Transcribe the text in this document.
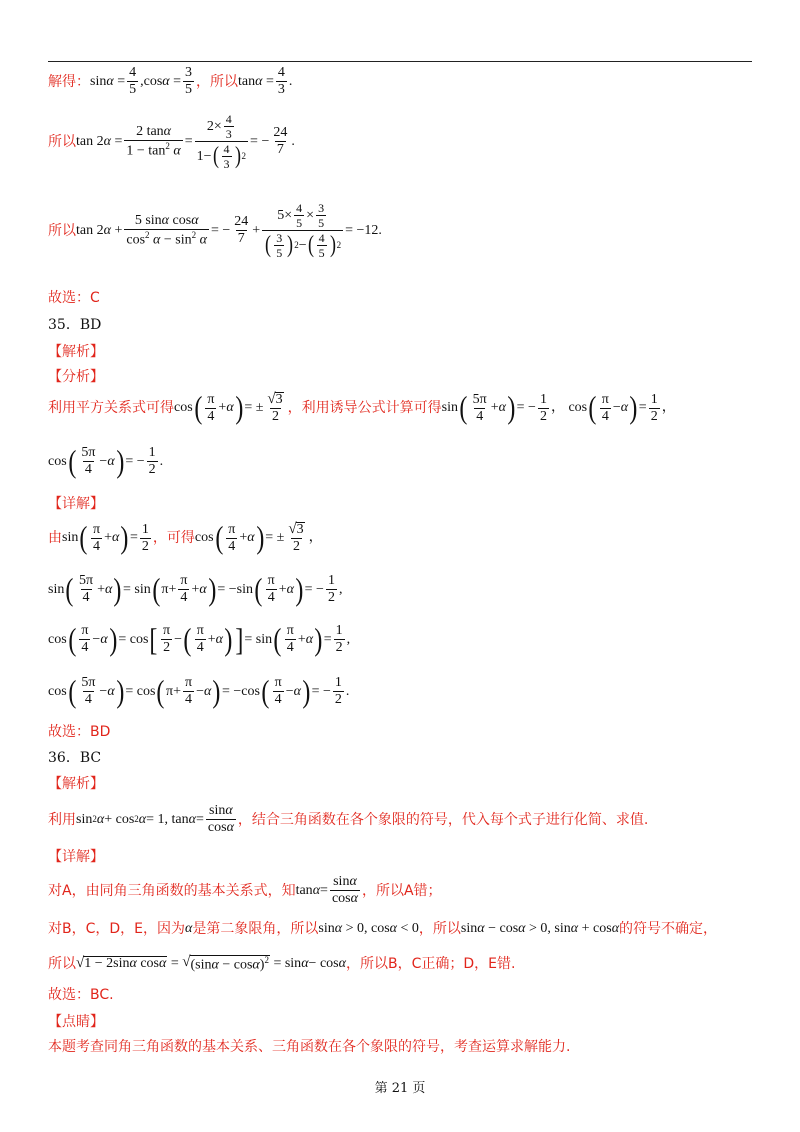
解得： $\sin \alpha = \frac{4}{5} ,\cos$ $\alpha = \frac{3}{5}$ ，所以 $\tan \alpha = \frac{4}{3}$ .
所以 tan 2 $\alpha = \frac{2 \tan\alpha}{1 - \tan^2 \alpha} = \frac{2\times \frac{4}{3}}{1- ( \frac{4}{3} ) 2}$ = − $\frac{24}{7}$ .
所以 tan 2 $\alpha + \frac{\text{5 sinα cosα}}{\cos^2 \alpha - \sin^2 \alpha}$ = − $\frac{24}{7} + \frac{5\times \frac{4}{5} \times \frac{3}{5}}{( \frac{3}{5} ) 2 - ( \frac{4}{5} ) 2} = -12$.
故选：C
35．BD
【解析】
【分析】
利用平方关系式可得 cos ( $\frac{\pi}{4} + \alpha$ ) = ± $\frac{√ 3}{2}$ ，利用诱导公式计算可得 sin ( $\frac{5\pi}{4} + \alpha$ ) = − $\frac{1}{2}$ ， cos ( $\frac{\pi}{4} - \alpha$ ) = $\frac{1}{2}$ ，
cos ( $\frac{5\pi}{4} - \alpha$ ) = − $\frac{1}{2}$ .
【详解】
由 sin ( $\frac{\pi}{4} + \alpha$ ) = $\frac{1}{2}$ ，可得 cos ( $\frac{\pi}{4} + \alpha$ ) = ± $\frac{√ 3}{2}$ ，
sin ( $\frac{5\pi}{4} + \alpha$ ) = sin ( $\pi+ \frac{\pi}{4} + \alpha$ ) = −sin ( $\frac{\pi}{4} + \alpha$ ) = − $\frac{1}{2}$ ,
cos ( $\frac{\pi}{4} - \alpha$ ) = cos [ $\frac{\pi}{2}$ − ( $\frac{\pi}{4} + \alpha$ ) ] = sin ( $\frac{\pi}{4} + \alpha$ ) = $\frac{1}{2}$ ,
cos ( $\frac{5\pi}{4} - \alpha$ ) = cos ( $\pi+ \frac{\pi}{4} - \alpha$ ) = −cos ( $\frac{\pi}{4} - \alpha$ ) = − $\frac{1}{2}$ .
故选：BD
36．BC
【解析】
利用 sin 2 α + cos 2 α = 1, $\tan \alpha = \frac{\sin\alpha}{\cos\alpha}$ ，结合三角函数在各个象限的符号，代入每个式子进行化简、求值.
【详解】
对A，由同角三角函数的基本关系式，知 $\tan \alpha = \frac{\sin\alpha}{\cos\alpha}$ ，所以A错；
对B，C，D，E，因为 α 是第二象限角，所以 sinα > 0, cosα < 0 ，所以 sinα − cosα > 0, sinα + cosα 的符号不确定，
所以 √ 1 − 2sinα cosα = √ $(\sin\alpha - \cos\alpha)^2 = \sin \alpha - \cos \alpha$ ，所以B，C正确；D，E错.
故选：BC.
【点睛】
本题考查同角三角函数的基本关系、三角函数在各个象限的符号，考查运算求解能力.
第 21 页
